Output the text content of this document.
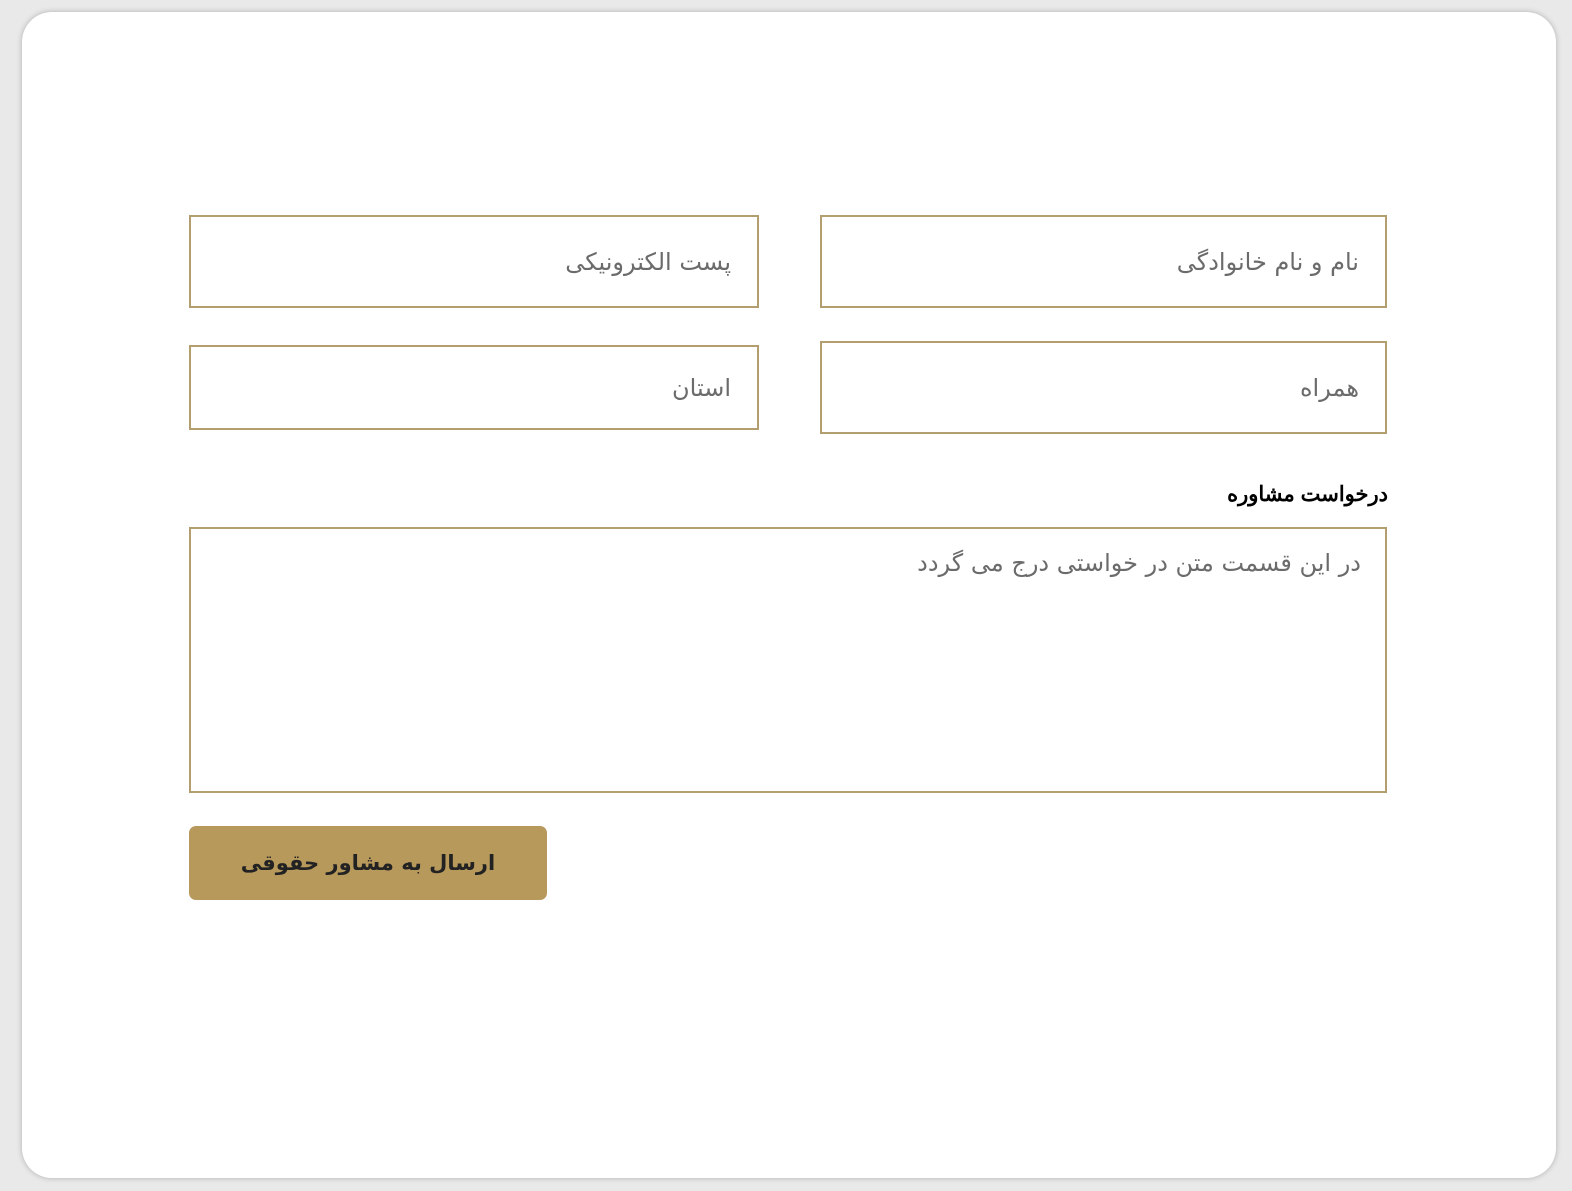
نام و نام خانوادگی
پست الکترونیکی
همراه
استان
درخواست مشاوره
در این قسمت متن در خواستی درج می گردد
ارسال به مشاور حقوقی
